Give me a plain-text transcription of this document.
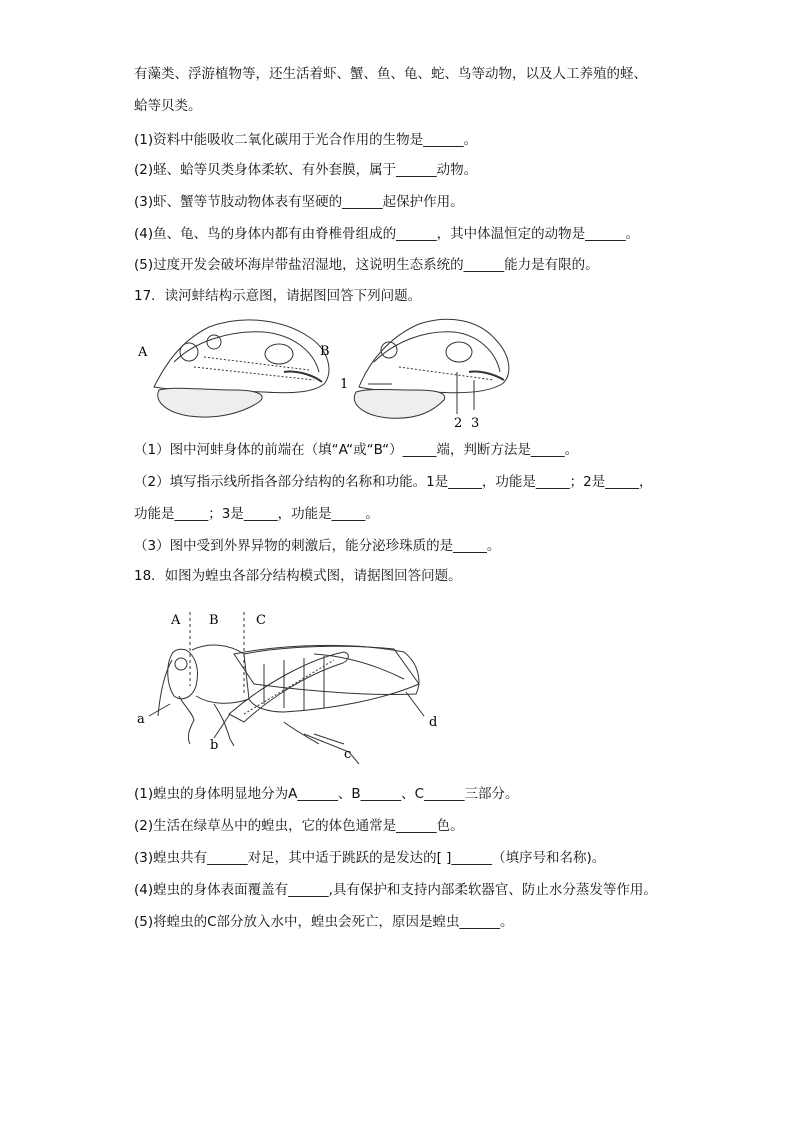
有藻类、浮游植物等，还生活着虾、蟹、鱼、龟、蛇、鸟等动物，以及人工养殖的蛏、
蛤等贝类。
(1)资料中能吸收二氧化碳用于光合作用的生物是______。
(2)蛏、蛤等贝类身体柔软、有外套膜，属于______动物。
(3)虾、蟹等节肢动物体表有坚硬的______起保护作用。
(4)鱼、龟、鸟的身体内都有由脊椎骨组成的______，其中体温恒定的动物是______。
(5)过度开发会破坏海岸带盐沼湿地，这说明生态系统的______能力是有限的。
17．读河蚌结构示意图，请据图回答下列问题。
A	B
1
2 3
（1）图中河蚌身体的前端在（填“A“或“B“）_____端，判断方法是_____。
（2）填写指示线所指各部分结构的名称和功能。1是_____，功能是_____；2是_____，
功能是_____；3是_____，功能是_____。
（3）图中受到外界异物的刺激后，能分泌珍珠质的是_____。
18．如图为蝗虫各部分结构模式图，请据图回答问题。
A B	C
a
b
c
d
(1)蝗虫的身体明显地分为A______、B______、C______三部分。
(2)生活在绿草丛中的蝗虫，它的体色通常是______色。
(3)蝗虫共有______对足，其中适于跳跃的是发达的[ ]______（填序号和名称)。
(4)蝗虫的身体表面覆盖有______,具有保护和支持内部柔软器官、防止水分蒸发等作用。
(5)将蝗虫的C部分放入水中，蝗虫会死亡，原因是蝗虫______。
